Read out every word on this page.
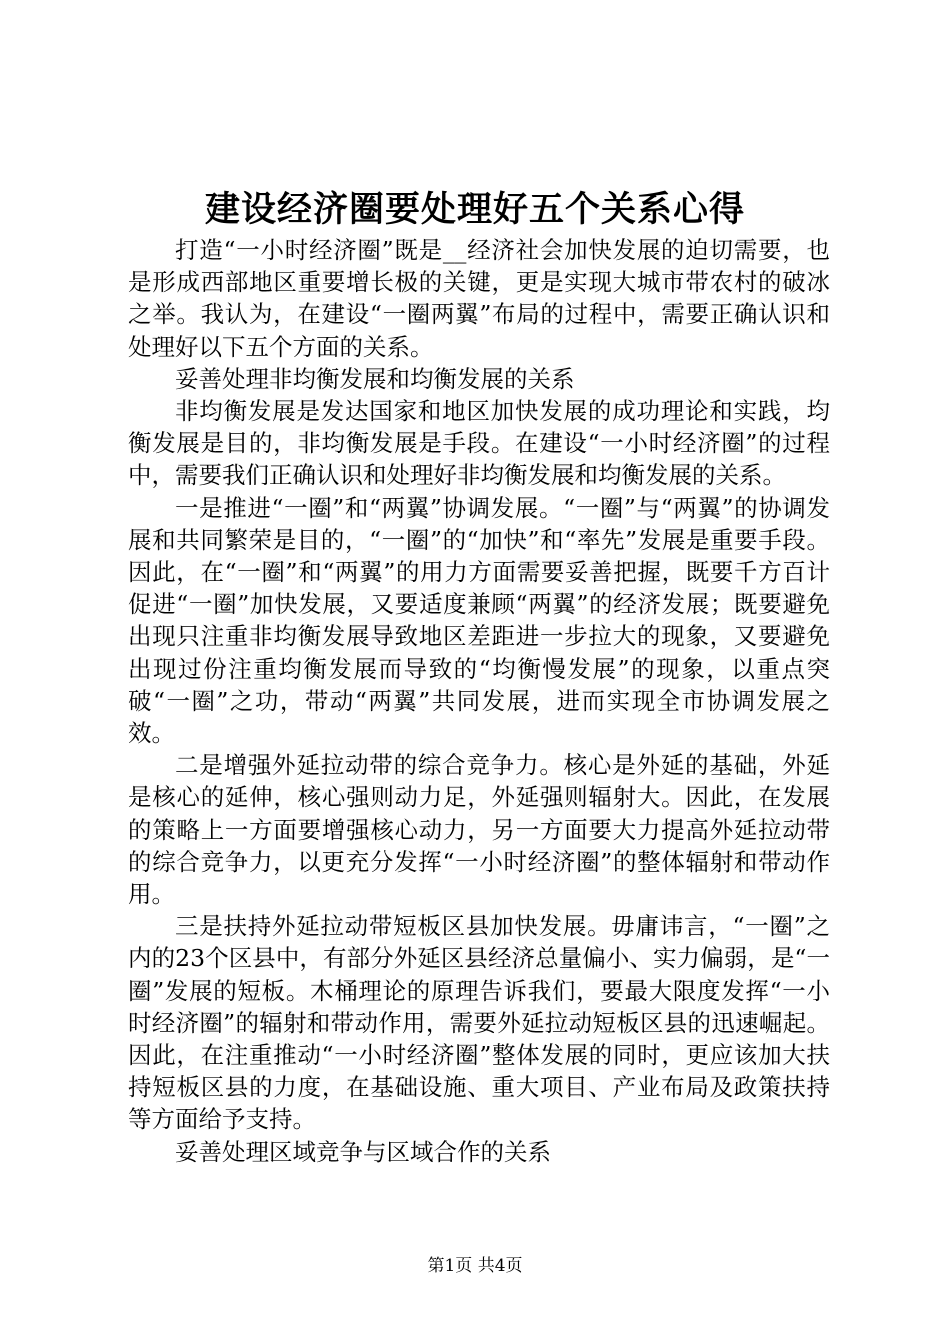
建设经济圈要处理好五个关系心得

打造“一小时经济圈”既是__经济社会加快发展的迫切需要，也是形成西部地区重要增长极的关键，更是实现大城市带农村的破冰之举。我认为，在建设“一圈两翼”布局的过程中，需要正确认识和处理好以下五个方面的关系。

妥善处理非均衡发展和均衡发展的关系

非均衡发展是发达国家和地区加快发展的成功理论和实践，均衡发展是目的，非均衡发展是手段。在建设“一小时经济圈”的过程中，需要我们正确认识和处理好非均衡发展和均衡发展的关系。

一是推进“一圈”和“两翼”协调发展。“一圈”与“两翼”的协调发展和共同繁荣是目的，“一圈”的“加快”和“率先”发展是重要手段。因此，在“一圈”和“两翼”的用力方面需要妥善把握，既要千方百计促进“一圈”加快发展，又要适度兼顾“两翼”的经济发展；既要避免出现只注重非均衡发展导致地区差距进一步拉大的现象，又要避免出现过份注重均衡发展而导致的“均衡慢发展”的现象，以重点突破“一圈”之功，带动“两翼”共同发展，进而实现全市协调发展之效。

二是增强外延拉动带的综合竞争力。核心是外延的基础，外延是核心的延伸，核心强则动力足，外延强则辐射大。因此，在发展的策略上一方面要增强核心动力，另一方面要大力提高外延拉动带的综合竞争力，以更充分发挥“一小时经济圈”的整体辐射和带动作用。

三是扶持外延拉动带短板区县加快发展。毋庸讳言，“一圈”之内的23个区县中，有部分外延区县经济总量偏小、实力偏弱，是“一圈”发展的短板。木桶理论的原理告诉我们，要最大限度发挥“一小时经济圈”的辐射和带动作用，需要外延拉动短板区县的迅速崛起。因此，在注重推动“一小时经济圈”整体发展的同时，更应该加大扶持短板区县的力度，在基础设施、重大项目、产业布局及政策扶持等方面给予支持。

妥善处理区域竞争与区域合作的关系

第1页 共4页
